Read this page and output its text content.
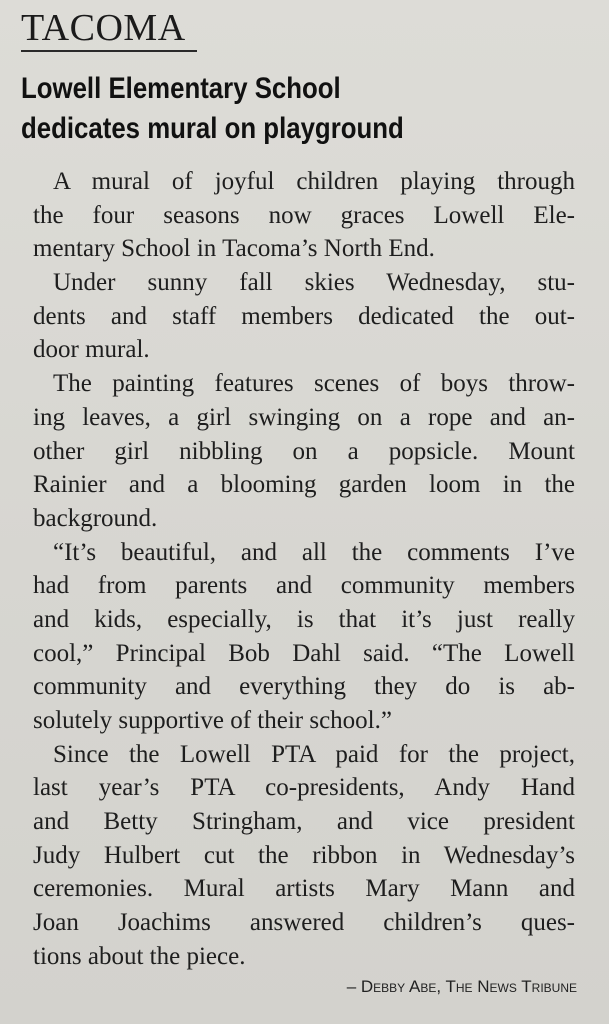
TACOMA
Lowell Elementary School
dedicates mural on playground
A mural of joyful children playing through
the four seasons now graces Lowell Ele-
mentary School in Tacoma’s North End.
Under sunny fall skies Wednesday, stu-
dents and staff members dedicated the out-
door mural.
The painting features scenes of boys throw-
ing leaves, a girl swinging on a rope and an-
other girl nibbling on a popsicle. Mount
Rainier and a blooming garden loom in the
background.
“It’s beautiful, and all the comments I’ve
had from parents and community members
and kids, especially, is that it’s just really
cool,” Principal Bob Dahl said. “The Lowell
community and everything they do is ab-
solutely supportive of their school.”
Since the Lowell PTA paid for the project,
last year’s PTA co-presidents, Andy Hand
and Betty Stringham, and vice president
Judy Hulbert cut the ribbon in Wednesday’s
ceremonies. Mural artists Mary Mann and
Joan Joachims answered children’s ques-
tions about the piece.
– Debby Abe, The News Tribune
